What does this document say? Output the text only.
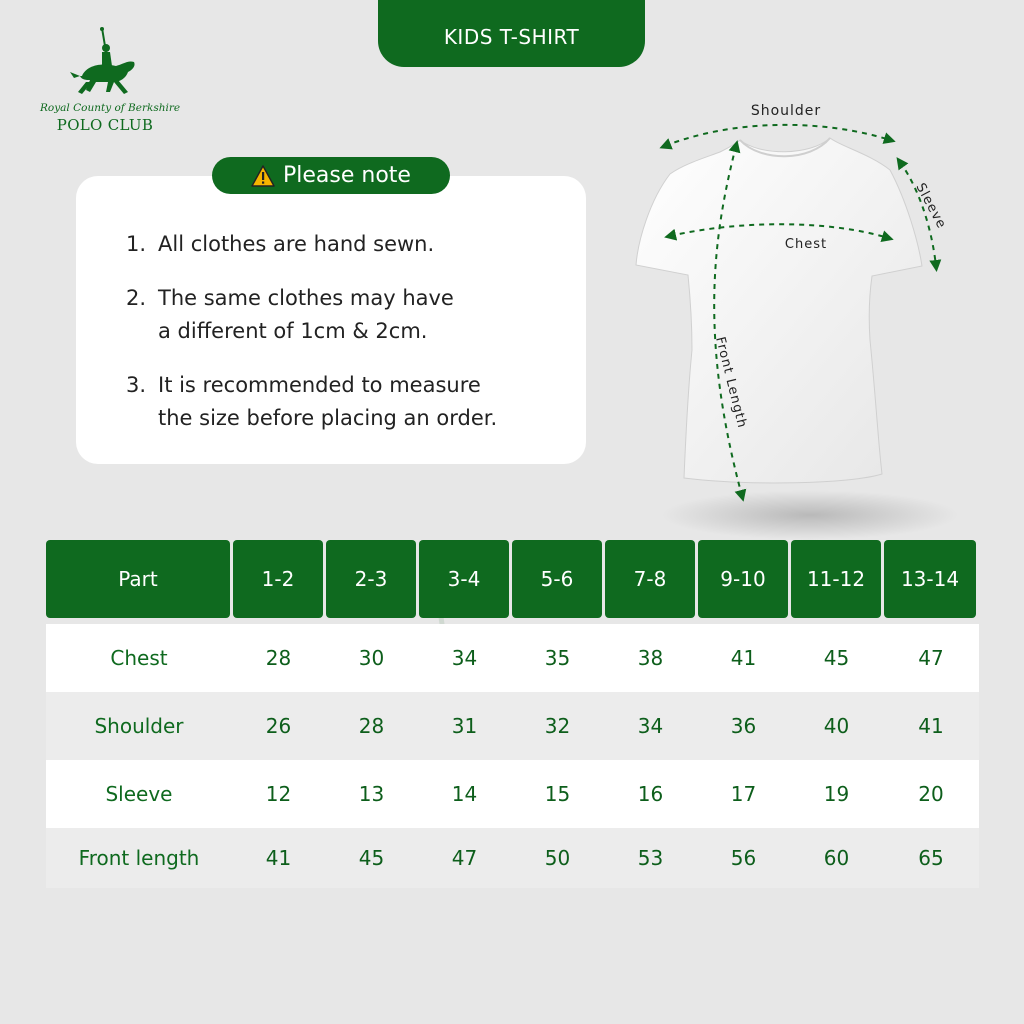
KIDS T-SHIRT
Royal County of Berkshire
POLO CLUB
Please note
1. All clothes are hand sewn.
2. The same clothes may have
a different of 1cm & 2cm.
3. It is recommended to measure
the size before placing an order.
Shoulder
Sleeve
Chest
Front Length
Part	1-2	2-3	3-4	5-6	7-8	9-10	11-12	13-14
Chest	28	30	34	35	38	41	45	47
Shoulder	26	28	31	32	34	36	40	41
Sleeve	12	13	14	15	16	17	19	20
Front length	41	45	47	50	53	56	60	65
